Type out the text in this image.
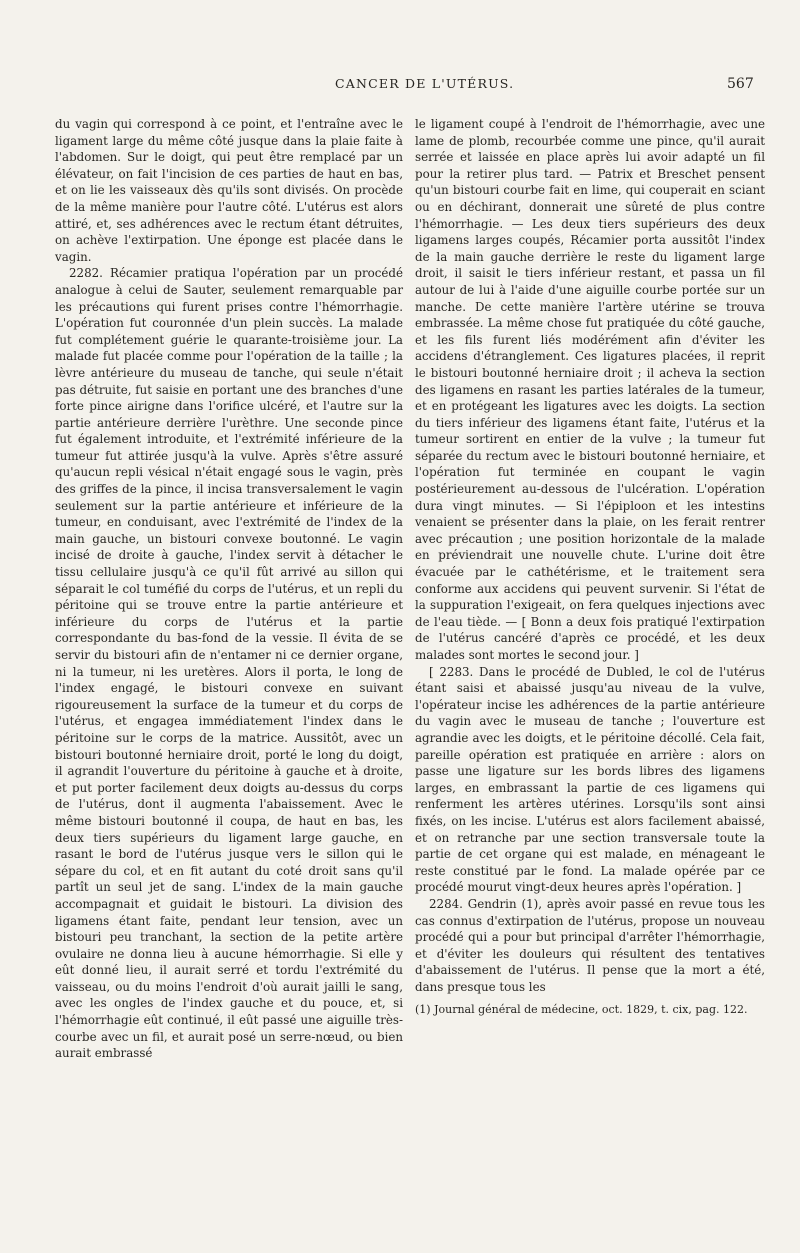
CANCER DE L'UTÉRUS.	567

du vagin qui correspond à ce point, et l'entraîne avec le ligament large du même côté jusque dans la plaie faite à l'abdomen. Sur le doigt, qui peut être remplacé par un élévateur, on fait l'incision de ces parties de haut en bas, et on lie les vaisseaux dès qu'ils sont divisés. On procède de la même manière pour l'autre côté. L'utérus est alors attiré, et, ses adhérences avec le rectum étant détruites, on achève l'extirpation. Une éponge est placée dans le vagin.

2282. Récamier pratiqua l'opération par un procédé analogue à celui de Sauter, seulement remarquable par les précautions qui furent prises contre l'hémorrhagie. L'opération fut couronnée d'un plein succès. La malade fut complétement guérie le quarante-troisième jour. La malade fut placée comme pour l'opération de la taille ; la lèvre antérieure du museau de tanche, qui seule n'était pas détruite, fut saisie en portant une des branches d'une forte pince airigne dans l'orifice ulcéré, et l'autre sur la partie antérieure derrière l'urèthre. Une seconde pince fut également introduite, et l'extrémité inférieure de la tumeur fut attirée jusqu'à la vulve. Après s'être assuré qu'aucun repli vésical n'était engagé sous le vagin, près des griffes de la pince, il incisa transversalement le vagin seulement sur la partie antérieure et inférieure de la tumeur, en conduisant, avec l'extrémité de l'index de la main gauche, un bistouri convexe boutonné. Le vagin incisé de droite à gauche, l'index servit à détacher le tissu cellulaire jusqu'à ce qu'il fût arrivé au sillon qui séparait le col tuméfié du corps de l'utérus, et un repli du péritoine qui se trouve entre la partie antérieure et inférieure du corps de l'utérus et la partie correspondante du bas-fond de la vessie. Il évita de se servir du bistouri afin de n'entamer ni ce dernier organe, ni la tumeur, ni les uretères. Alors il porta, le long de l'index engagé, le bistouri convexe en suivant rigoureusement la surface de la tumeur et du corps de l'utérus, et engagea immédiatement l'index dans le péritoine sur le corps de la matrice. Aussitôt, avec un bistouri boutonné herniaire droit, porté le long du doigt, il agrandit l'ouverture du péritoine à gauche et à droite, et put porter facilement deux doigts au-dessus du corps de l'utérus, dont il augmenta l'abaissement. Avec le même bistouri boutonné il coupa, de haut en bas, les deux tiers supérieurs du ligament large gauche, en rasant le bord de l'utérus jusque vers le sillon qui le sépare du col, et en fit autant du coté droit sans qu'il partît un seul jet de sang. L'index de la main gauche accompagnait et guidait le bistouri. La division des ligamens étant faite, pendant leur tension, avec un bistouri peu tranchant, la section de la petite artère ovulaire ne donna lieu à aucune hémorrhagie. Si elle y eût donné lieu, il aurait serré et tordu l'extrémité du vaisseau, ou du moins l'endroit d'où aurait jailli le sang, avec les ongles de l'index gauche et du pouce, et, si l'hémorrhagie eût continué, il eût passé une aiguille très-courbe avec un fil, et aurait posé un serre-nœud, ou bien aurait embrassé

le ligament coupé à l'endroit de l'hémorrhagie, avec une lame de plomb, recourbée comme une pince, qu'il aurait serrée et laissée en place après lui avoir adapté un fil pour la retirer plus tard. — Patrix et Breschet pensent qu'un bistouri courbe fait en lime, qui couperait en sciant ou en déchirant, donnerait une sûreté de plus contre l'hémorrhagie. — Les deux tiers supérieurs des deux ligamens larges coupés, Récamier porta aussitôt l'index de la main gauche derrière le reste du ligament large droit, il saisit le tiers inférieur restant, et passa un fil autour de lui à l'aide d'une aiguille courbe portée sur un manche. De cette manière l'artère utérine se trouva embrassée. La même chose fut pratiquée du côté gauche, et les fils furent liés modérément afin d'éviter les accidens d'étranglement. Ces ligatures placées, il reprit le bistouri boutonné herniaire droit ; il acheva la section des ligamens en rasant les parties latérales de la tumeur, et en protégeant les ligatures avec les doigts. La section du tiers inférieur des ligamens étant faite, l'utérus et la tumeur sortirent en entier de la vulve ; la tumeur fut séparée du rectum avec le bistouri boutonné herniaire, et l'opération fut terminée en coupant le vagin postérieurement au-dessous de l'ulcération. L'opération dura vingt minutes. — Si l'épiploon et les intestins venaient se présenter dans la plaie, on les ferait rentrer avec précaution ; une position horizontale de la malade en préviendrait une nouvelle chute. L'urine doit être évacuée par le cathétérisme, et le traitement sera conforme aux accidens qui peuvent survenir. Si l'état de la suppuration l'exigeait, on fera quelques injections avec de l'eau tiède. — [ Bonn a deux fois pratiqué l'extirpation de l'utérus cancéré d'après ce procédé, et les deux malades sont mortes le second jour. ]

[ 2283. Dans le procédé de Dubled, le col de l'utérus étant saisi et abaissé jusqu'au niveau de la vulve, l'opérateur incise les adhérences de la partie antérieure du vagin avec le museau de tanche ; l'ouverture est agrandie avec les doigts, et le péritoine décollé. Cela fait, pareille opération est pratiquée en arrière : alors on passe une ligature sur les bords libres des ligamens larges, en embrassant la partie de ces ligamens qui renferment les artères utérines. Lorsqu'ils sont ainsi fixés, on les incise. L'utérus est alors facilement abaissé, et on retranche par une section transversale toute la partie de cet organe qui est malade, en ménageant le reste constitué par le fond. La malade opérée par ce procédé mourut vingt-deux heures après l'opération. ]

2284. Gendrin (1), après avoir passé en revue tous les cas connus d'extirpation de l'utérus, propose un nouveau procédé qui a pour but principal d'arrêter l'hémorrhagie, et d'éviter les douleurs qui résultent des tentatives d'abaissement de l'utérus. Il pense que la mort a été, dans presque tous les

(1) Journal général de médecine, oct. 1829, t. cix, pag. 122.
